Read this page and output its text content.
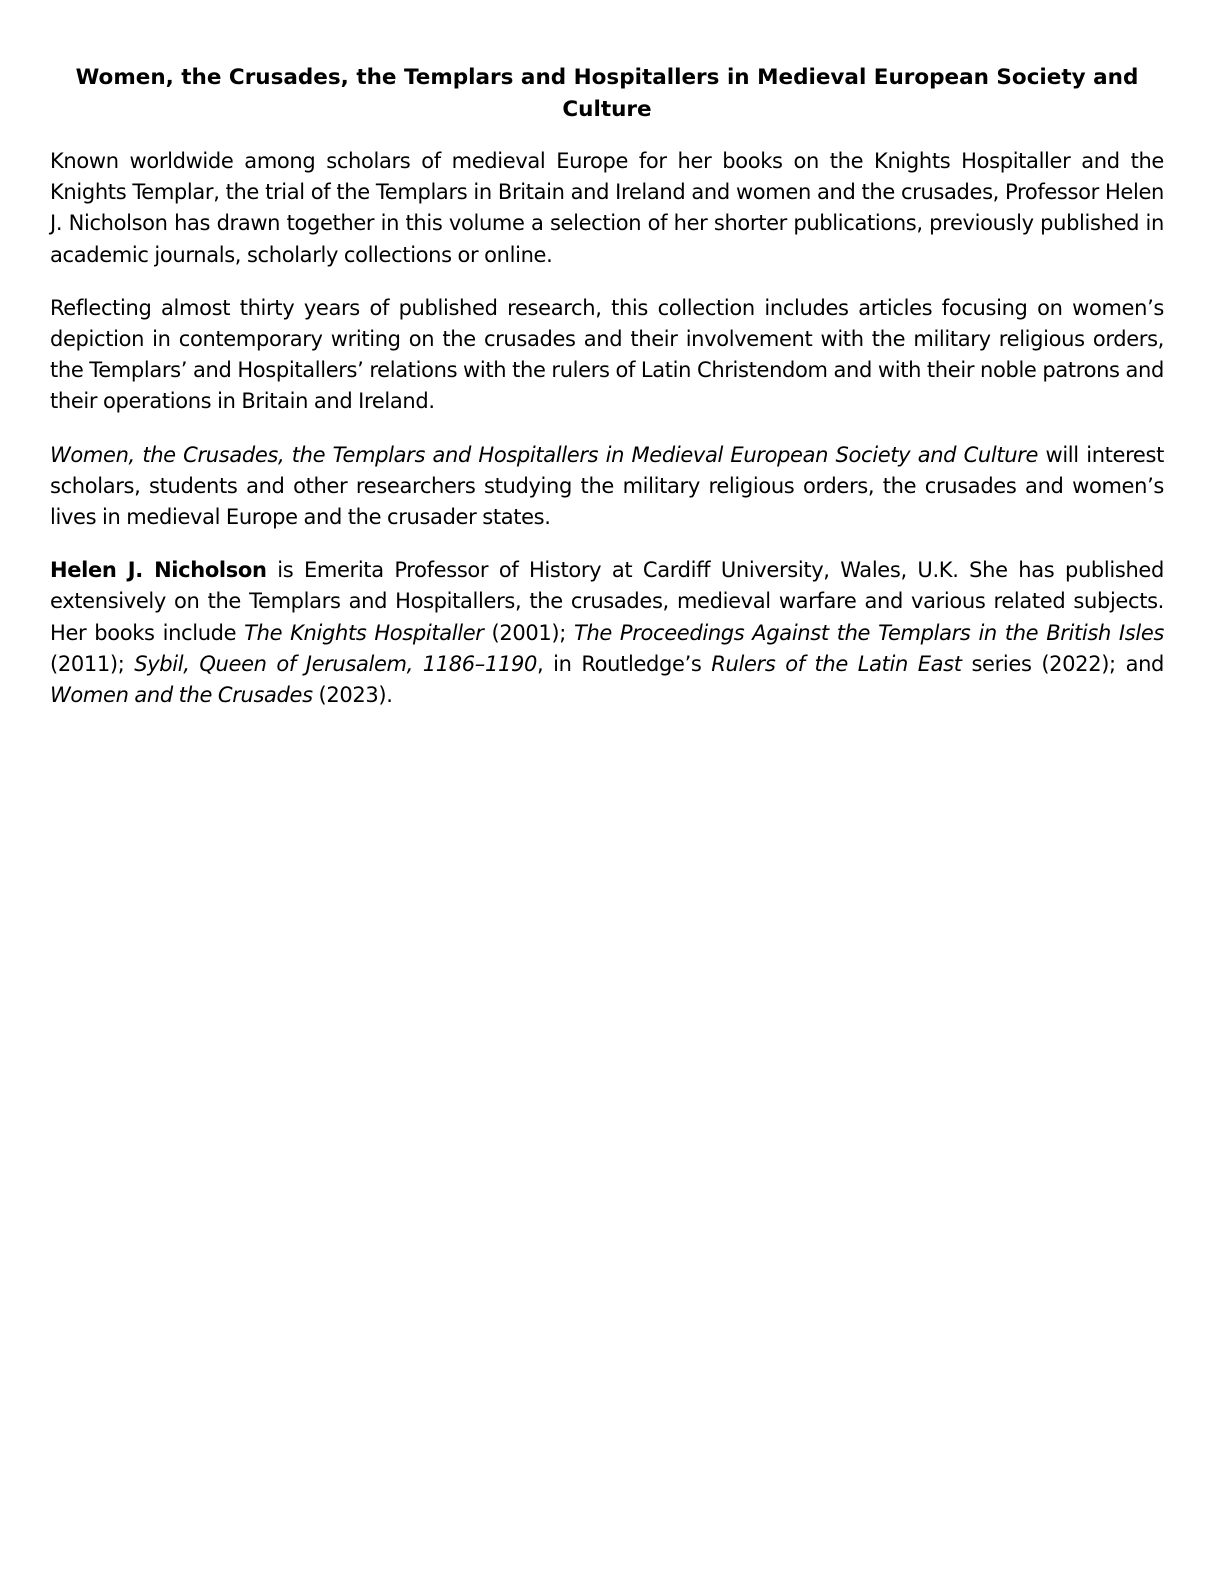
Women, the Crusades, the Templars and Hospitallers in Medieval European Society and Culture

Known worldwide among scholars of medieval Europe for her books on the Knights Hospitaller and the Knights Templar, the trial of the Templars in Britain and Ireland and women and the crusades, Professor Helen J. Nicholson has drawn together in this volume a selection of her shorter publications, previously published in academic journals, scholarly collections or online.

Reflecting almost thirty years of published research, this collection includes articles focusing on women’s depiction in contemporary writing on the crusades and their involvement with the military religious orders, the Templars’ and Hospitallers’ relations with the rulers of Latin Christendom and with their noble patrons and their operations in Britain and Ireland.

Women, the Crusades, the Templars and Hospitallers in Medieval European Society and Culture will interest scholars, students and other researchers studying the military religious orders, the crusades and women’s lives in medieval Europe and the crusader states.

Helen J. Nicholson is Emerita Professor of History at Cardiff University, Wales, U.K. She has published extensively on the Templars and Hospitallers, the crusades, medieval warfare and various related subjects. Her books include The Knights Hospitaller (2001); The Proceedings Against the Templars in the British Isles (2011); Sybil, Queen of Jerusalem, 1186–1190, in Routledge’s Rulers of the Latin East series (2022); and Women and the Crusades (2023).
